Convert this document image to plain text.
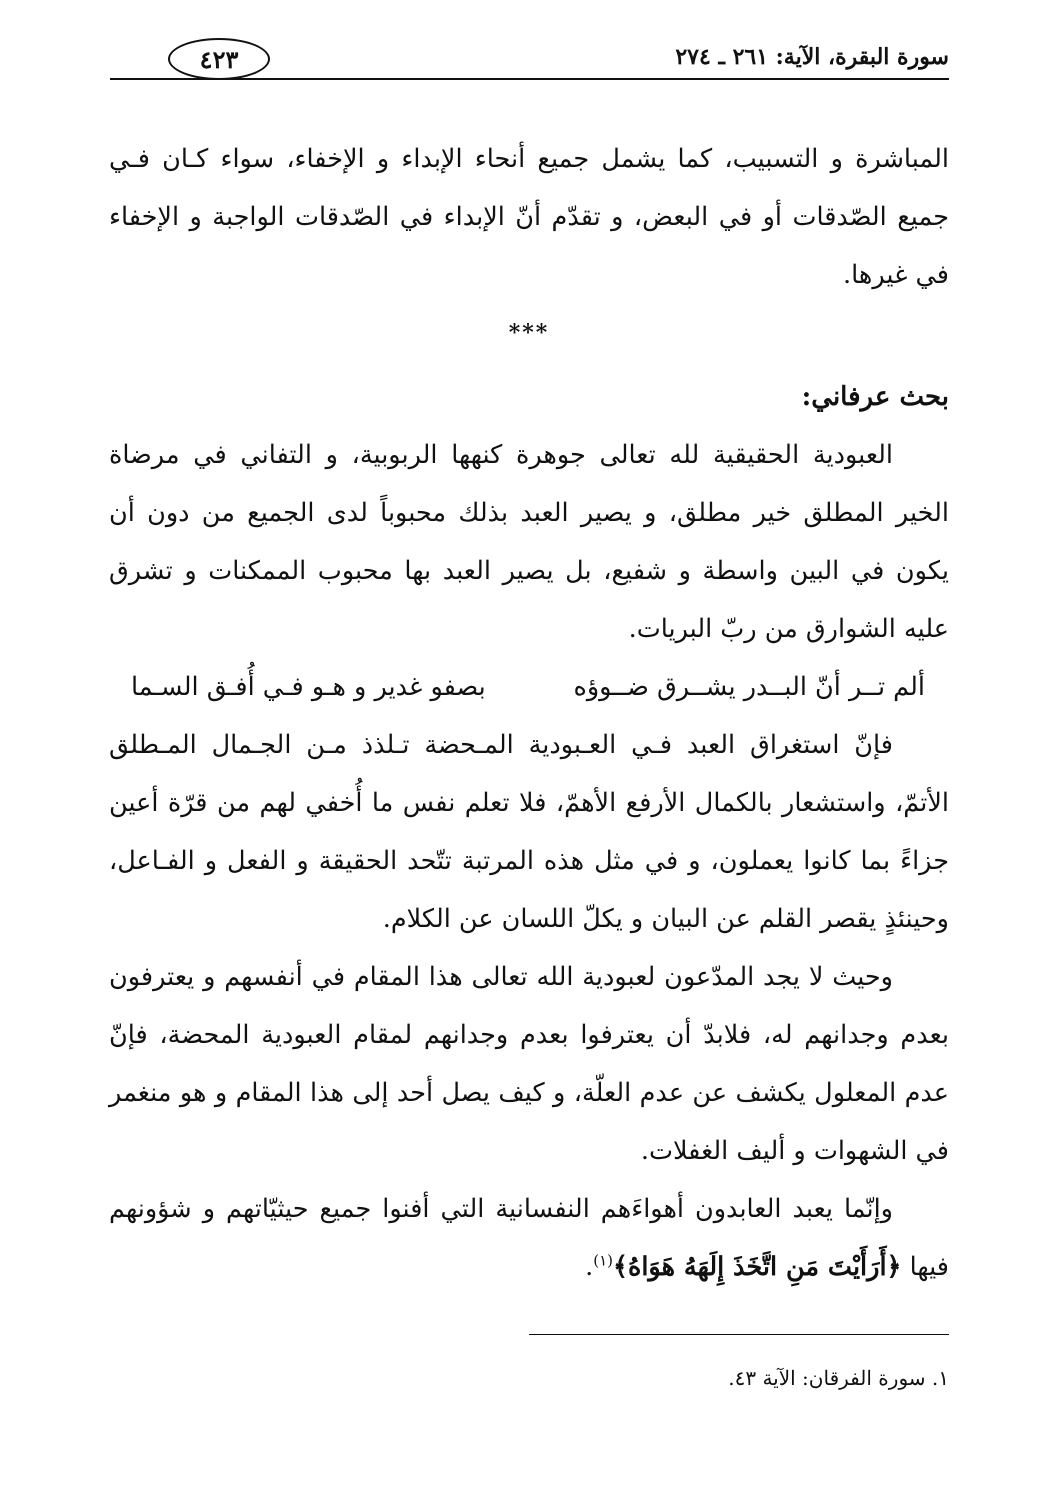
سورة البقرة، الآية: ٢٦١ ـ ٢٧٤
٤٢٣

المباشرة و التسبيب، كما يشمل جميع أنحاء الإبداء و الإخفاء، سواء كـان فـي جميع الصّدقات أو في البعض، و تقدّم أنّ الإبداء في الصّدقات الواجبة و الإخفاء في غيرها.

***

بحث عرفاني:

العبودية الحقيقية لله تعالى جوهرة كنهها الربوبية، و التفاني في مرضاة الخير المطلق خير مطلق، و يصير العبد بذلك محبوباً لدى الجميع من دون أن يكون في البين واسطة و شفيع، بل يصير العبد بها محبوب الممكنات و تشرق عليه الشوارق من ربّ البريات.

ألم تــر أنّ البــدر يشــرق ضــوؤه
بصفو غدير و هـو فـي أُفـق السـما

فإنّ استغراق العبد فـي العـبودية المـحضة تـلذذ مـن الجـمال المـطلق الأتمّ، واستشعار بالكمال الأرفع الأهمّ، فلا تعلم نفس ما أُخفي لهم من قرّة أعين جزاءً بما كانوا يعملون، و في مثل هذه المرتبة تتّحد الحقيقة و الفعل و الفـاعل، وحينئذٍ يقصر القلم عن البيان و يكلّ اللسان عن الكلام.

وحيث لا يجد المدّعون لعبودية الله تعالى هذا المقام في أنفسهم و يعترفون بعدم وجدانهم له، فلابدّ أن يعترفوا بعدم وجدانهم لمقام العبودية المحضة، فإنّ عدم المعلول يكشف عن عدم العلّة، و كيف يصل أحد إلى هذا المقام و هو منغمر في الشهوات و أليف الغفلات.

وإنّما يعبد العابدون أهواءَهم النفسانية التي أفنوا جميع حيثيّاتهم و شؤونهم فيها ﴿أَرَأَيْتَ مَنِ اتَّخَذَ إِلَهَهُ هَوَاهُ﴾$^{(١)}$.

١. سورة الفرقان: الآية ٤٣.
